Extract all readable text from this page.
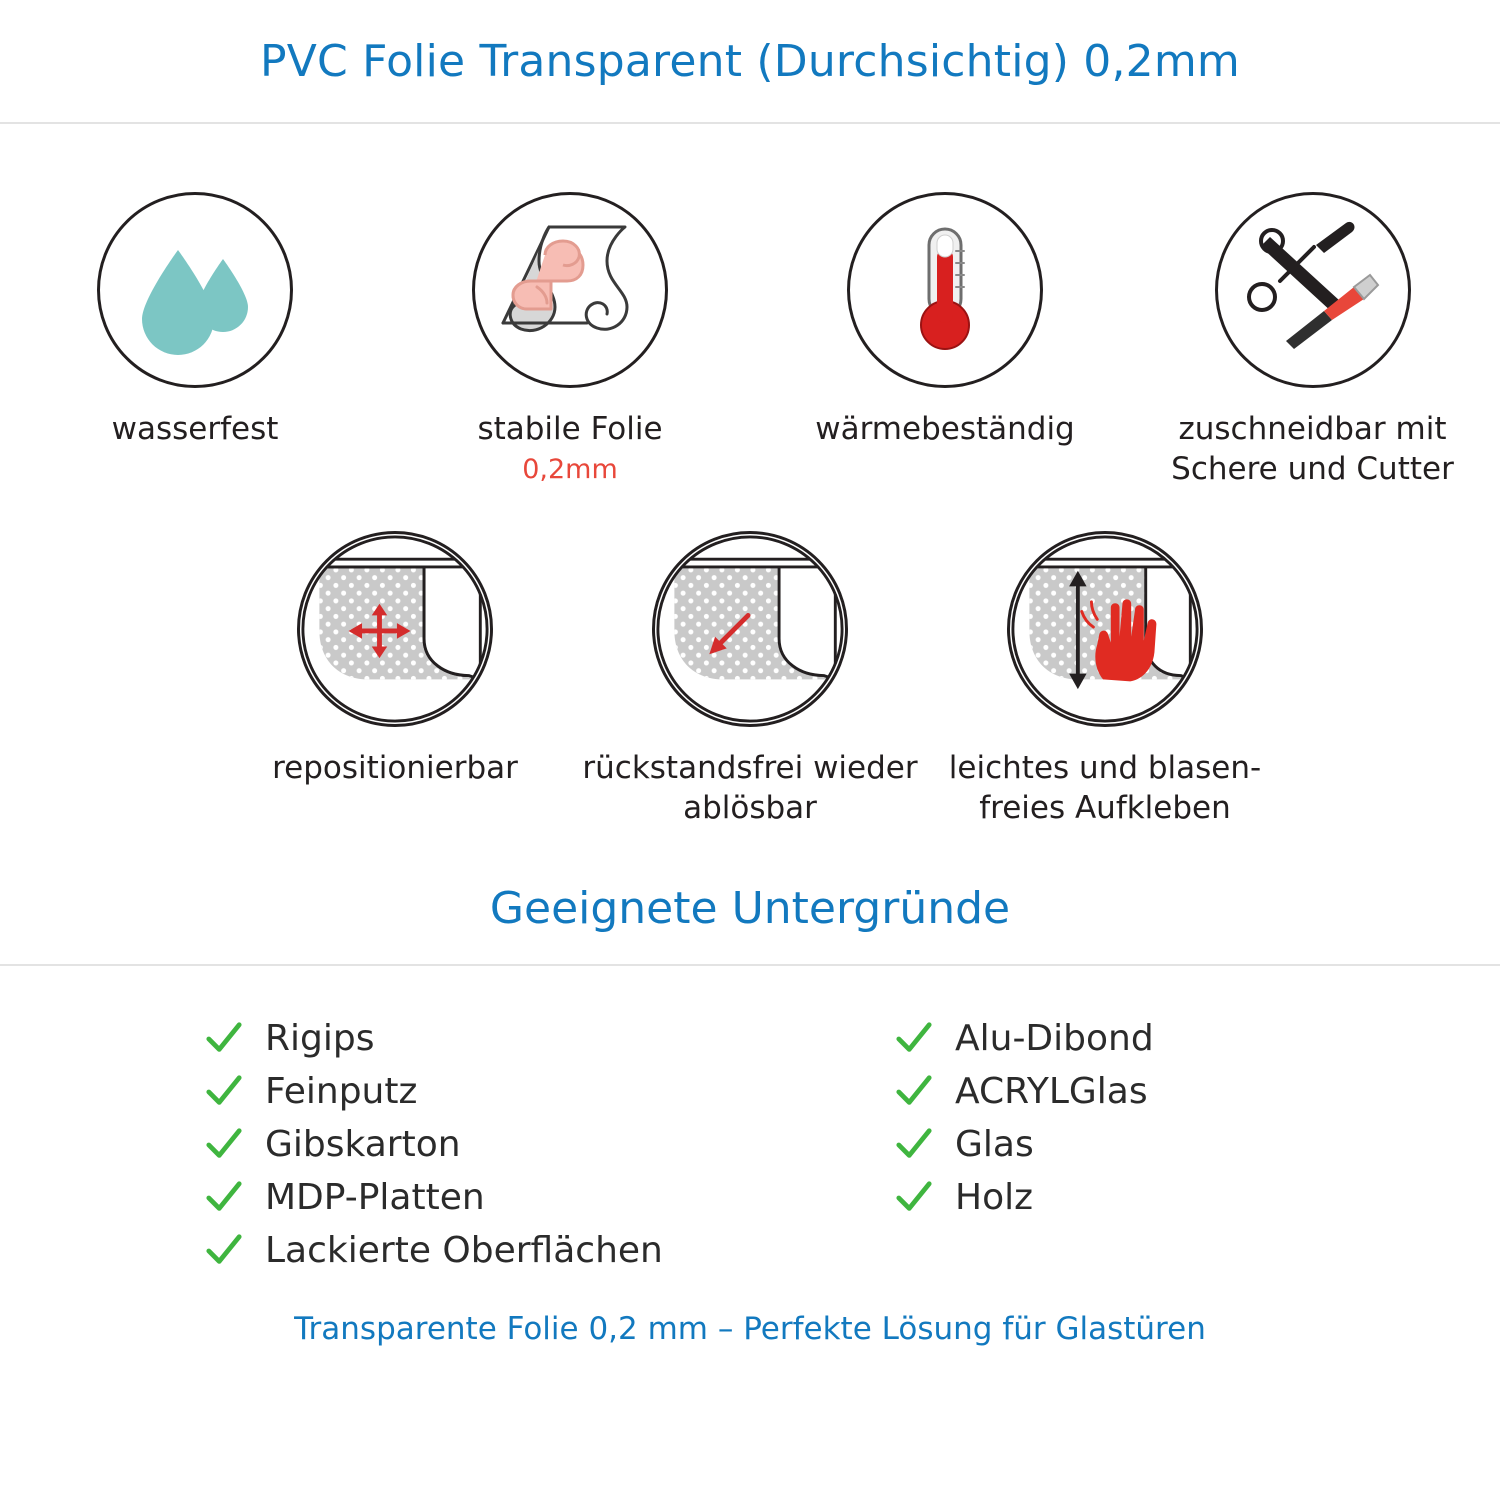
PVC Folie Transparent (Durchsichtig) 0,2mm
wasserfest	stabile Folie
0,2mm
wärmebeständig	zuschneidbar mit Schere und Cutter
repositionierbar rückstandsfrei wieder ablösbar
leichtes und blasen- freies Aufkleben
Geeignete Untergründe
Rigips
Feinputz
Gibskarton
MDP-Platten
Lackierte Oberflächen
Alu-Dibond
ACRYLGlas
Glas
Holz
Transparente Folie 0,2 mm – Perfekte Lösung für Glastüren
